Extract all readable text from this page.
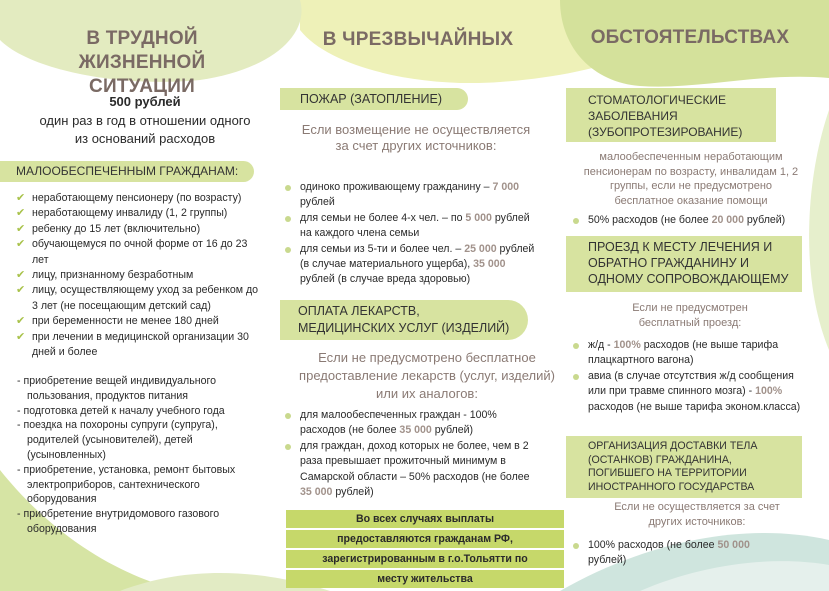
В ТРУДНОЙ ЖИЗНЕННОЙ СИТУАЦИИ
В ЧРЕЗВЫЧАЙНЫХ	ОБСТОЯТЕЛЬСТВАХ
500 рублей
один раз в год в отношении одного из оснований расходов
МАЛООБЕСПЕЧЕННЫМ ГРАЖДАНАМ:
✔ неработающему пенсионеру (по возрасту)
✔ неработающему инвалиду (1, 2 группы)
✔ ребенку до 15 лет (включительно)
✔ обучающемуся по очной форме от 16 до 23 лет
✔ лицу, признанному безработным
✔ лицу, осуществляющему уход за ребенком до 3 лет (не посещающим детский сад)
✔ при беременности не менее 180 дней
✔ при лечении в медицинской организации 30 дней и более
- приобретение вещей индивидуального пользования, продуктов питания
- подготовка детей к началу учебного года
- поездка на похороны супруги (супруга), родителей (усыновителей), детей (усыновленных)
- приобретение, установка, ремонт бытовых электроприборов, сантехнического оборудования
- приобретение внутридомового газового оборудования
ПОЖАР (ЗАТОПЛЕНИЕ)
Если возмещение не осуществляется за счет других источников:
одиноко проживающему гражданину – 7 000 рублей
для семьи не более 4-х чел. – по 5 000 рублей на каждого члена семьи
для семьи из 5-ти и более чел. – 25 000 рублей (в случае материального ущерба), 35 000 рублей (в случае вреда здоровью)
ОПЛАТА ЛЕКАРСТВ, МЕДИЦИНСКИХ УСЛУГ (ИЗДЕЛИЙ)
Если не предусмотрено бесплатное предоставление лекарств (услуг, изделий) или их аналогов:
для малообеспеченных граждан - 100% расходов (не более 35 000 рублей)
для граждан, доход которых не более, чем в 2 раза превышает прожиточный минимум в Самарской области – 50% расходов (не более 35 000 рублей)
Во всех случаях выплаты
предоставляются гражданам РФ,
зарегистрированным в г.о.Тольятти по
месту жительства
СТОМАТОЛОГИЧЕСКИЕ ЗАБОЛЕВАНИЯ (ЗУБОПРОТЕЗИРОВАНИЕ)
малообеспеченным неработающим пенсионерам по возрасту, инвалидам 1, 2 группы, если не предусмотрено бесплатное оказание помощи
50% расходов (не более 20 000 рублей)
ПРОЕЗД К МЕСТУ ЛЕЧЕНИЯ И ОБРАТНО ГРАЖДАНИНУ И ОДНОМУ СОПРОВОЖДАЮЩЕМУ
Если не предусмотрен бесплатный проезд:
ж/д - 100% расходов (не выше тарифа плацкартного вагона)
авиа (в случае отсутствия ж/д сообщения или при травме спинного мозга) - 100% расходов (не выше тарифа эконом.класса)
ОРГАНИЗАЦИЯ ДОСТАВКИ ТЕЛА (ОСТАНКОВ) ГРАЖДАНИНА, ПОГИБШЕГО НА ТЕРРИТОРИИ ИНОСТРАННОГО ГОСУДАРСТВА
Если не осуществляется за счет других источников:
100% расходов (не более 50 000 рублей)
